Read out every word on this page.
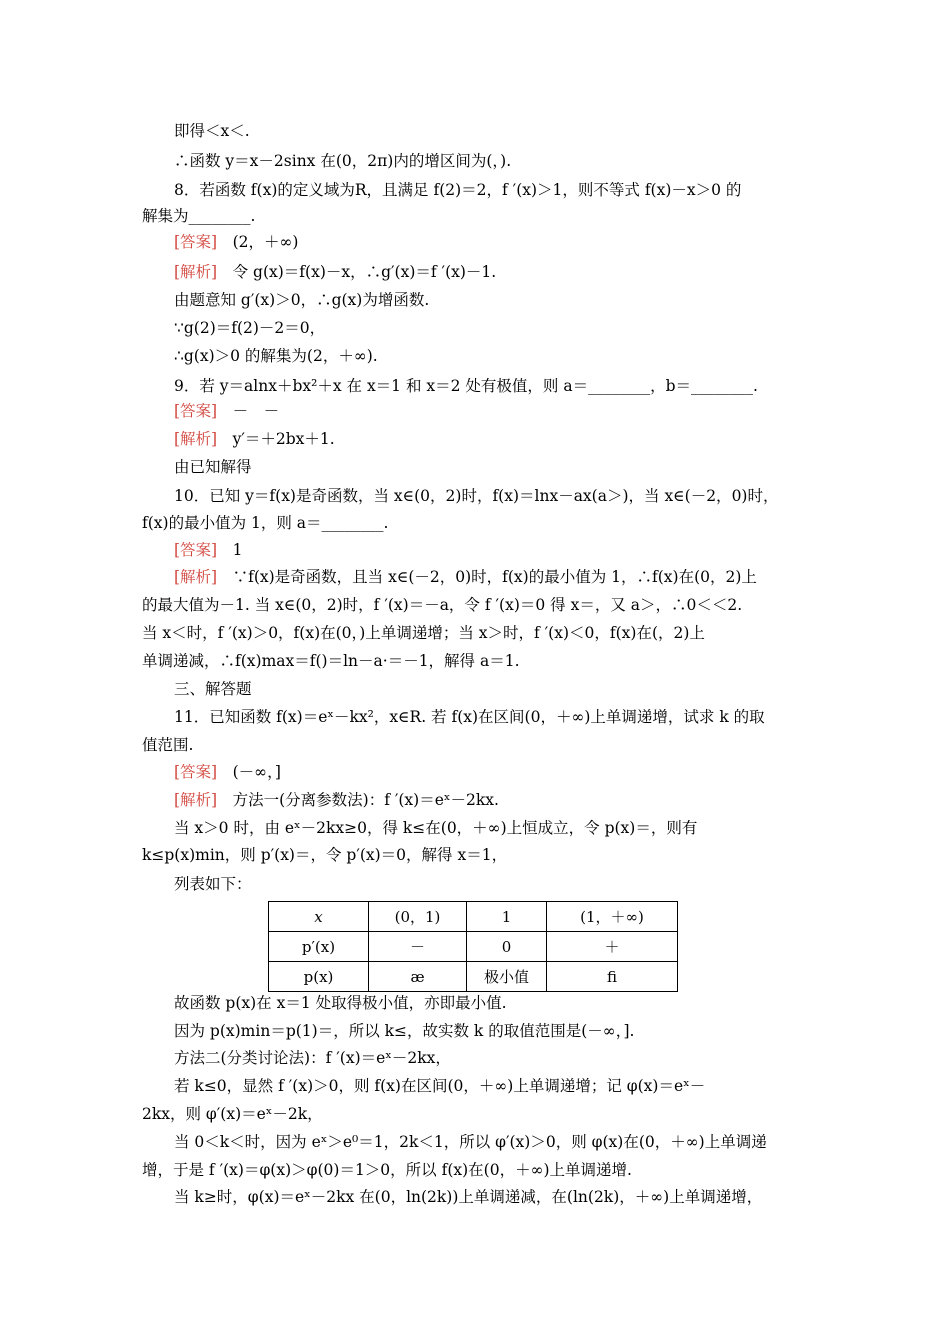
即得＜x＜.
∴函数 y＝x－2sinx 在(0，2π)内的增区间为(，).
8．若函数 f(x)的定义域为R，且满足 f(2)＝2，f ′(x)＞1，则不等式 f(x)－x＞0 的
解集为________.
[答案]　(2，＋∞)
[解析]　令 g(x)＝f(x)－x，∴g′(x)＝f ′(x)－1.
由题意知 g′(x)＞0，∴g(x)为增函数.
∵g(2)＝f(2)－2＝0，
∴g(x)＞0 的解集为(2，＋∞).
9．若 y＝alnx＋bx²＋x 在 x＝1 和 x＝2 处有极值，则 a＝________，b＝________.
[答案]　－　－
[解析]　y′＝＋2bx＋1.
由已知解得
10．已知 y＝f(x)是奇函数，当 x∈(0，2)时，f(x)＝lnx－ax(a＞)，当 x∈(－2，0)时，
f(x)的最小值为 1，则 a＝________.
[答案]　1
[解析]　∵f(x)是奇函数，且当 x∈(－2，0)时，f(x)的最小值为 1，∴f(x)在(0，2)上
的最大值为－1. 当 x∈(0，2)时，f ′(x)＝－a，令 f ′(x)＝0 得 x＝，又 a＞，∴0＜＜2.
当 x＜时，f ′(x)＞0，f(x)在(0，)上单调递增；当 x＞时，f ′(x)＜0，f(x)在(，2)上
单调递减，∴f(x)max＝f()＝ln－a·＝－1，解得 a＝1.
三、解答题
11．已知函数 f(x)＝eˣ－kx²，x∈R. 若 f(x)在区间(0，＋∞)上单调递增，试求 k 的取
值范围.
[答案]　(－∞，]
[解析]　方法一(分离参数法)：f ′(x)＝eˣ－2kx.
当 x＞0 时，由 eˣ－2kx≥0，得 k≤在(0，＋∞)上恒成立，令 p(x)＝，则有
k≤p(x)min，则 p′(x)＝，令 p′(x)＝0，解得 x＝1，
列表如下：
x	(0，1)	1	(1，＋∞)
p′(x)	－	0	＋
p(x)	æ	极小值	ﬁ
故函数 p(x)在 x＝1 处取得极小值，亦即最小值.
因为 p(x)min＝p(1)＝，所以 k≤，故实数 k 的取值范围是(－∞，].
方法二(分类讨论法)：f ′(x)＝eˣ－2kx，
若 k≤0，显然 f ′(x)＞0，则 f(x)在区间(0，＋∞)上单调递增；记 φ(x)＝eˣ－
2kx，则 φ′(x)＝eˣ－2k，
当 0＜k＜时，因为 eˣ＞e⁰＝1，2k＜1，所以 φ′(x)＞0，则 φ(x)在(0，＋∞)上单调递
增，于是 f ′(x)＝φ(x)＞φ(0)＝1＞0，所以 f(x)在(0，＋∞)上单调递增.
当 k≥时，φ(x)＝eˣ－2kx 在(0，ln(2k))上单调递减，在(ln(2k)，＋∞)上单调递增，
